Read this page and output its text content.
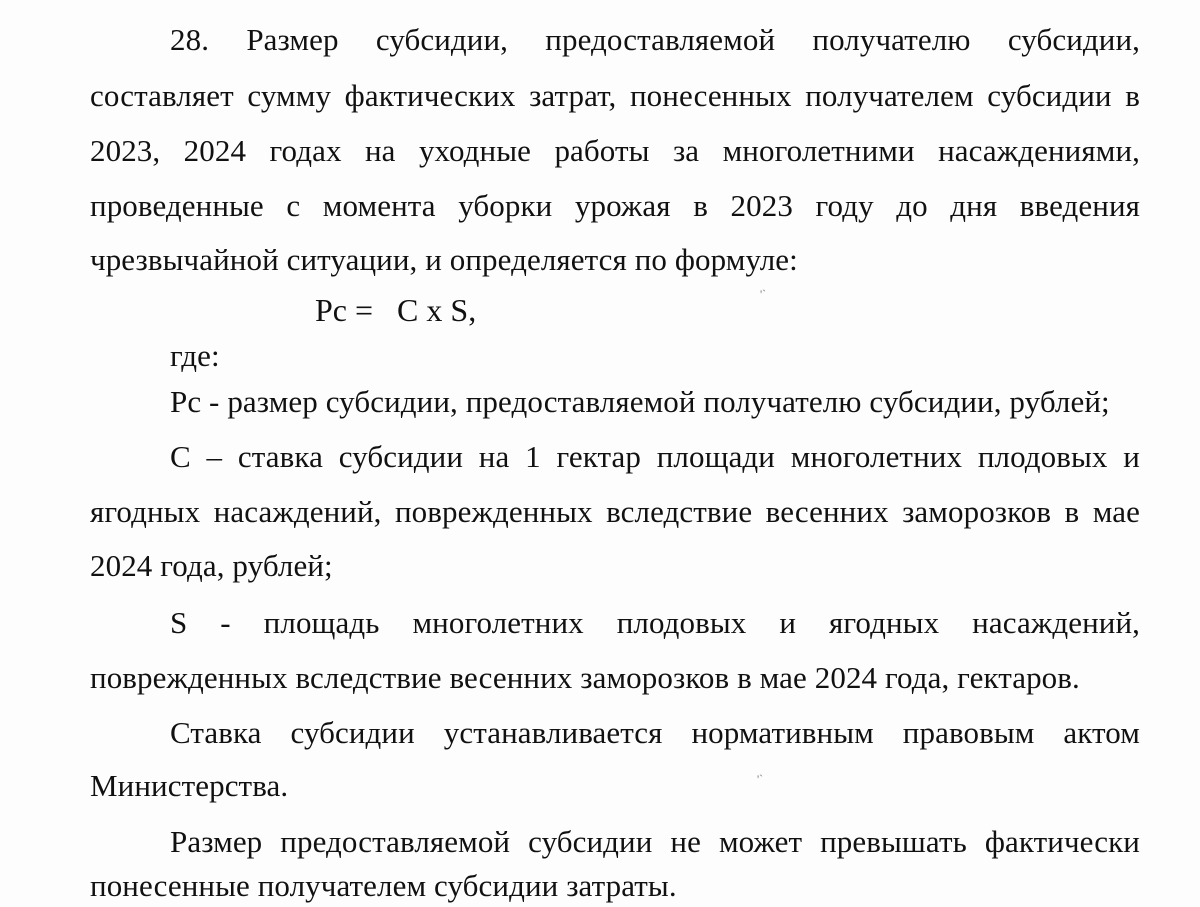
28. Размер субсидии, предоставляемой получателю субсидии,
составляет сумму фактических затрат, понесенных получателем субсидии в
2023, 2024 годах на уходные работы за многолетними насаждениями,
проведенные с момента уборки урожая в 2023 году до дня введения
чрезвычайной ситуации, и определяется по формуле:
Pc =   C x S,	'`
где:
Pc - размер субсидии, предоставляемой получателю субсидии, рублей;
C – ставка субсидии на 1 гектар площади многолетних плодовых и
ягодных насаждений, поврежденных вследствие весенних заморозков в мае
2024 года, рублей;
S - площадь многолетних плодовых и ягодных насаждений,
поврежденных вследствие весенних заморозков в мае 2024 года, гектаров.
Ставка субсидии устанавливается нормативным правовым актом
Министерства.	'`
Размер предоставляемой субсидии не может превышать фактически
понесенные получателем субсидии затраты.
